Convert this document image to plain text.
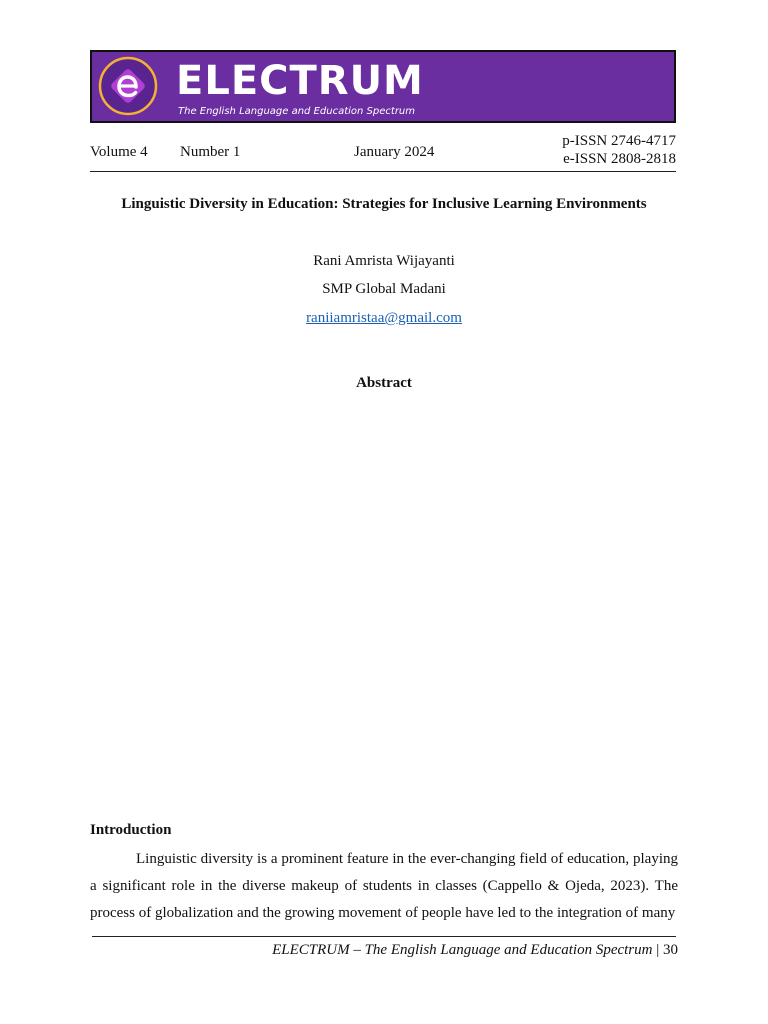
ELECTRUM
The English Language and Education Spectrum
Volume 4 Number 1	January 2024
p-ISSN 2746-4717
e-ISSN 2808-2818
Linguistic Diversity in Education: Strategies for Inclusive Learning Environments
Rani Amrista Wijayanti
SMP Global Madani
raniiamristaa@gmail.com
Abstract
Introduction

Linguistic diversity is a prominent feature in the ever-changing field of education, playing a significant role in the diverse makeup of students in classes (Cappello & Ojeda, 2023). The process of globalization and the growing movement of people have led to the integration of many

ELECTRUM – The English Language and Education Spectrum | 30
